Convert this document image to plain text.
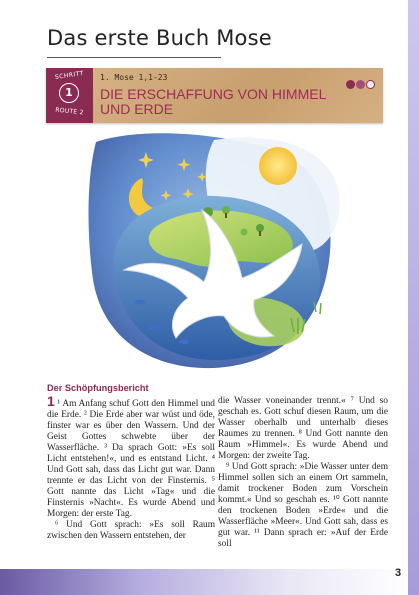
Das erste Buch Mose
SCHRITT
1
ROUTE 2
1. Mose 1,1-23
DIE ERSCHAFFUNG VON HIMMEL UND ERDE
Der Schöpfungsbericht

1 ¹ Am Anfang schuf Gott den Himmel und die Erde. ² Die Erde aber war wüst und öde, finster war es über den Wassern. Und der Geist Gottes schwebte über der Wasserfläche. ³ Da sprach Gott: »Es soll Licht entstehen!«, und es entstand Licht. ⁴ Und Gott sah, dass das Licht gut war. Dann trennte er das Licht von der Finsternis. ⁵ Gott nannte das Licht »Tag« und die Finsternis »Nacht«. Es wurde Abend und Morgen: der erste Tag.

⁶ Und Gott sprach: »Es soll Raum zwischen den Wassern entstehen, der

die Wasser voneinander trennt.« ⁷ Und so geschah es. Gott schuf diesen Raum, um die Wasser oberhalb und unterhalb dieses Raumes zu trennen. ⁸ Und Gott nannte den Raum »Himmel«. Es wurde Abend und Morgen: der zweite Tag.

⁹ Und Gott sprach: »Die Wasser unter dem Himmel sollen sich an einem Ort sammeln, damit trockener Boden zum Vorschein kommt.« Und so geschah es. ¹⁰ Gott nannte den trockenen Boden »Erde« und die Wasserfläche »Meer«. Und Gott sah, dass es gut war. ¹¹ Dann sprach er: »Auf der Erde soll

3
